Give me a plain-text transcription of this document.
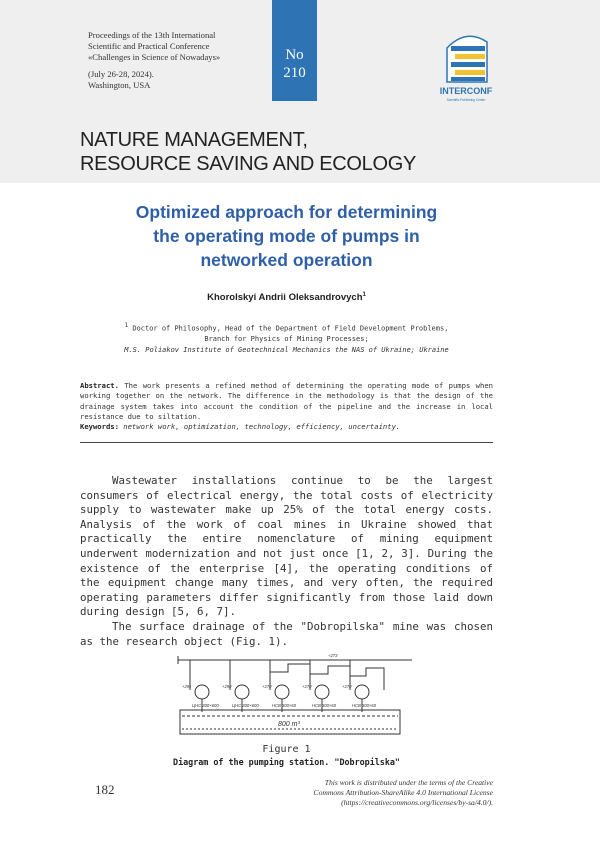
Proceedings of the 13th International
Scientific and Practical Conference
«Challenges in Science of Nowadays»
(July 26-28, 2024).
Washington, USA
No
210
INTERCONF
Scientific Publishing Center
NATURE MANAGEMENT,
RESOURCE SAVING AND ECOLOGY
Optimized approach for determining
the operating mode of pumps in
networked operation
Khorolskyi Andrii Oleksandrovych$^1$
$^1$ Doctor of Philosophy, Head of the Department of Field Development Problems,
Branch for Physics of Mining Processes;
M.S. Poliakov Institute of Geotechnical Mechanics the NAS of Ukraine; Ukraine
Abstract. The work presents a refined method of determining the operating mode of pumps when working together on the network. The difference in the methodology is that the design of the drainage system takes into account the condition of the pipeline and the increase in local resistance due to siltation.
Keywords: network work, optimization, technology, efficiency, uncertainty.

Wastewater installations continue to be the largest consumers of electrical energy, the total costs of electricity supply to wastewater make up 25% of the total energy costs. Analysis of the work of coal mines in Ukraine showed that practically the entire nomenclature of mining equipment underwent modernization and not just once [1, 2, 3]. During the existence of the enterprise [4], the operating conditions of the equipment change many times, and very often, the required operating parameters differ significantly from those laid down during design [5, 6, 7].

The surface drainage of the "Dobropilska" mine was chosen as the research object (Fig. 1).

+273
+291	+290	+270	+270	+270
ЦНС 300×600	ЦНС 300×600	НСВ 300×60	НСВ 300×60	НСВ 300×60
800 m³
Figure 1
Diagram of the pumping station. "Dobropilska"
182	This work is distributed under the terms of the Creative
Commons Attribution-ShareAlike 4.0 International License
(https://creativecommons.org/licenses/by-sa/4.0/).
